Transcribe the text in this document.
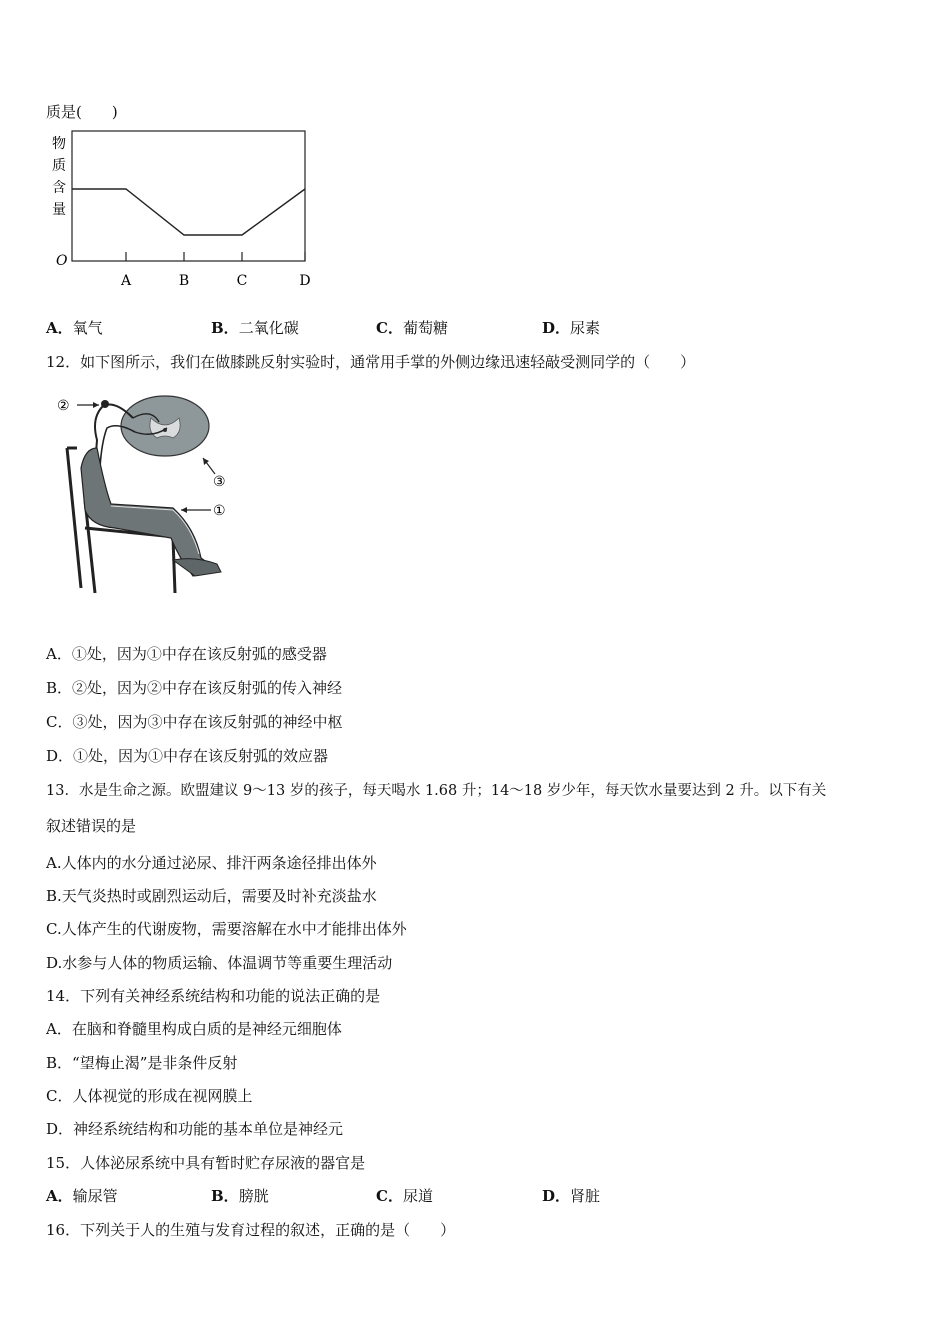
质是(　　)
物
质
含
量
O
A	B	C	D
A．氧气	B．二氧化碳	C．葡萄糖	D．尿素
12．如下图所示，我们在做膝跳反射实验时，通常用手掌的外侧边缘迅速轻敲受测同学的（　　）
②
③
①
A．①处，因为①中存在该反射弧的感受器
B．②处，因为②中存在该反射弧的传入神经
C．③处，因为③中存在该反射弧的神经中枢
D．①处，因为①中存在该反射弧的效应器
13．水是生命之源。欧盟建议 9～13 岁的孩子，每天喝水 1.68 升；14～18 岁少年，每天饮水量要达到 2 升。以下有关
叙述错误的是
A.人体内的水分通过泌尿、排汗两条途径排出体外
B.天气炎热时或剧烈运动后，需要及时补充淡盐水
C.人体产生的代谢废物，需要溶解在水中才能排出体外
D.水参与人体的物质运输、体温调节等重要生理活动
14．下列有关神经系统结构和功能的说法正确的是
A．在脑和脊髓里构成白质的是神经元细胞体
B．“望梅止渴”是非条件反射
C．人体视觉的形成在视网膜上
D．神经系统结构和功能的基本单位是神经元
15．人体泌尿系统中具有暂时贮存尿液的器官是
A．输尿管	B．膀胱	C．尿道	D．肾脏
16．下列关于人的生殖与发育过程的叙述，正确的是（　　）
